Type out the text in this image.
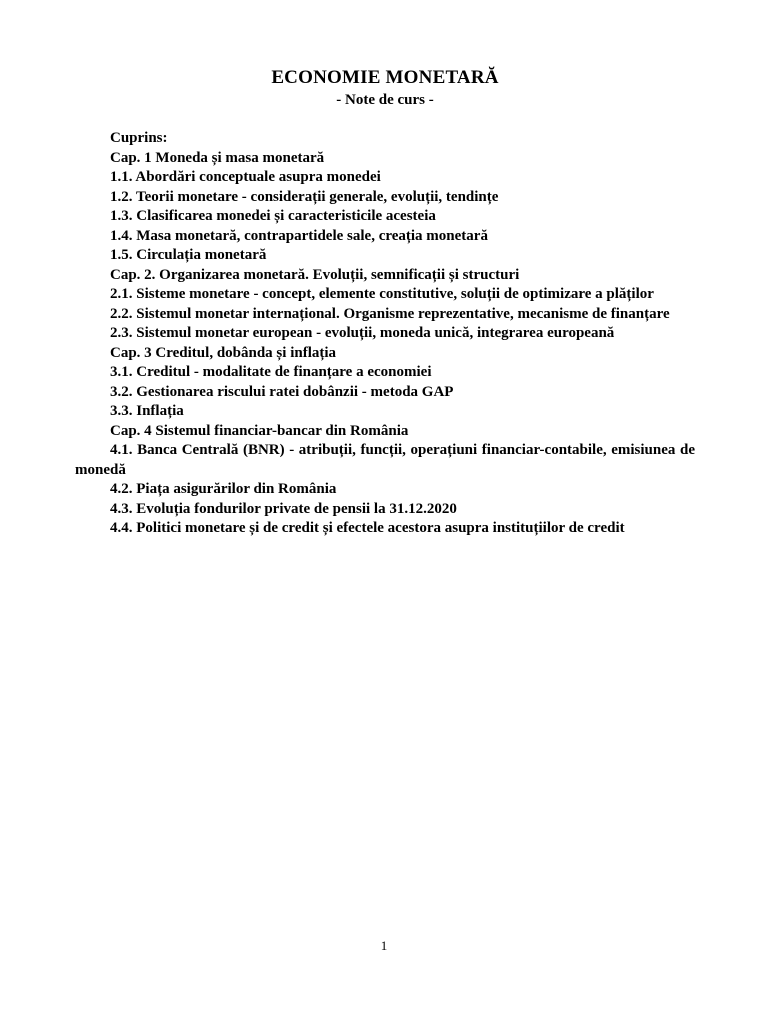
ECONOMIE MONETARĂ

- Note de curs -

Cuprins:

Cap. 1 Moneda și masa monetară

1.1. Abordări conceptuale asupra monedei

1.2. Teorii monetare - considerații generale, evoluții, tendințe

1.3. Clasificarea monedei și caracteristicile acesteia

1.4. Masa monetară, contrapartidele sale, creația monetară

1.5. Circulația monetară

Cap. 2. Organizarea monetară. Evoluții, semnificații și structuri

2.1. Sisteme monetare - concept, elemente constitutive, soluții de optimizare a plăților

2.2. Sistemul monetar internațional. Organisme reprezentative, mecanisme de finanțare

2.3. Sistemul monetar european - evoluții, moneda unică, integrarea europeană

Cap. 3 Creditul, dobânda și inflația

3.1. Creditul - modalitate de finanțare a economiei

3.2. Gestionarea riscului ratei dobânzii - metoda GAP

3.3. Inflația

Cap. 4 Sistemul financiar-bancar din România

4.1. Banca Centrală (BNR) - atribuții, funcții, operațiuni financiar-contabile, emisiunea de monedă

4.2. Piața asigurărilor din România

4.3. Evoluția fondurilor private de pensii la 31.12.2020

4.4. Politici monetare și de credit și efectele acestora asupra instituțiilor de credit

1
